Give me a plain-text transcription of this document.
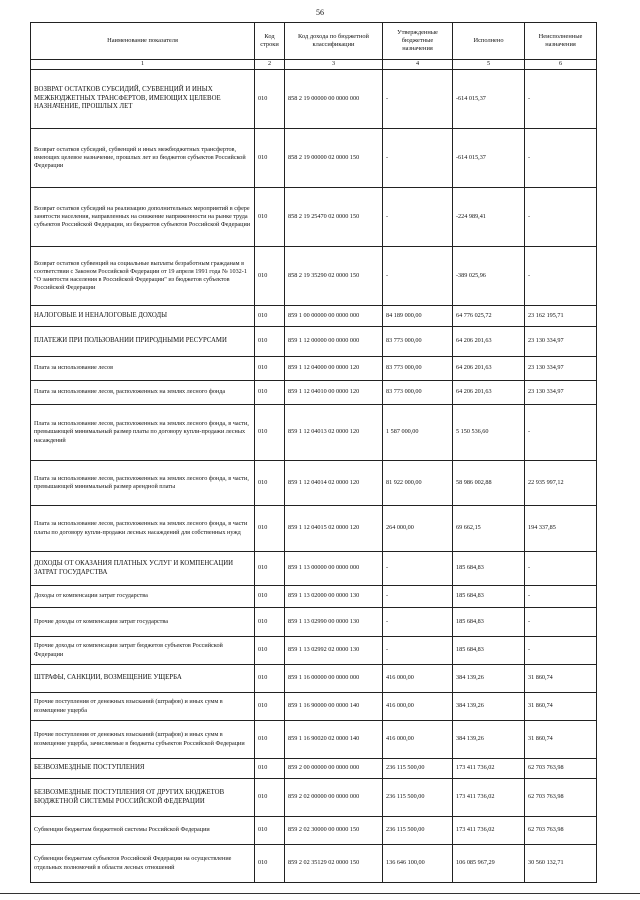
56
Наименование показателя	Код строки	Код дохода по бюджетной классификации	Утвержденные бюджетные назначения	Исполнено	Неисполненные назначения
1	2	3	4	5	6
ВОЗВРАТ ОСТАТКОВ СУБСИДИЙ, СУБВЕНЦИЙ И ИНЫХ МЕЖБЮДЖЕТНЫХ ТРАНСФЕРТОВ, ИМЕЮЩИХ ЦЕЛЕВОЕ НАЗНАЧЕНИЕ, ПРОШЛЫХ ЛЕТ	010	858 2 19 00000 00 0000 000	-	-614 015,37	-
Возврат остатков субсидий, субвенций и иных межбюджетных трансфертов, имеющих целевое назначение, прошлых лет из бюджетов субъектов Российской Федерации	010	858 2 19 00000 02 0000 150	-	-614 015,37	-
Возврат остатков субсидий на реализацию дополнительных мероприятий в сфере занятости населения, направленных на снижение напряженности на рынке труда субъектов Российской Федерации, из бюджетов субъектов Российской Федерации	010	858 2 19 25470 02 0000 150	-	-224 989,41	-
Возврат остатков субвенций на социальные выплаты безработным гражданам в соответствии с Законом Российской Федерации от 19 апреля 1991 года № 1032-1 "О занятости населения в Российской Федерации" из бюджетов субъектов Российской Федерации	010	858 2 19 35290 02 0000 150	-	-389 025,96	-
НАЛОГОВЫЕ И НЕНАЛОГОВЫЕ ДОХОДЫ	010	859 1 00 00000 00 0000 000	84 189 000,00	64 776 025,72	23 162 195,71
ПЛАТЕЖИ ПРИ ПОЛЬЗОВАНИИ ПРИРОДНЫМИ РЕСУРСАМИ	010	859 1 12 00000 00 0000 000	83 773 000,00	64 206 201,63	23 130 334,97
Плата за использование лесов	010	859 1 12 04000 00 0000 120	83 773 000,00	64 206 201,63	23 130 334,97
Плата за использование лесов, расположенных на землях лесного фонда	010	859 1 12 04010 00 0000 120	83 773 000,00	64 206 201,63	23 130 334,97
Плата за использование лесов, расположенных на землях лесного фонда, в части, превышающей минимальный размер платы по договору купли-продажи лесных насаждений	010	859 1 12 04013 02 0000 120	1 587 000,00	5 150 536,60	-
Плата за использование лесов, расположенных на землях лесного фонда, в части, превышающей минимальный размер арендной платы	010	859 1 12 04014 02 0000 120	81 922 000,00	58 986 002,88	22 935 997,12
Плата за использование лесов, расположенных на землях лесного фонда, в части платы по договору купли-продажи лесных насаждений для собственных нужд	010	859 1 12 04015 02 0000 120	264 000,00	69 662,15	194 337,85
ДОХОДЫ ОТ ОКАЗАНИЯ ПЛАТНЫХ УСЛУГ И КОМПЕНСАЦИИ ЗАТРАТ ГОСУДАРСТВА	010	859 1 13 00000 00 0000 000	-	185 684,83	-
Доходы от компенсации затрат государства	010	859 1 13 02000 00 0000 130	-	185 684,83	-
Прочие доходы от компенсации затрат государства	010	859 1 13 02990 00 0000 130	-	185 684,83	-
Прочие доходы от компенсации затрат бюджетов субъектов Российской Федерации	010	859 1 13 02992 02 0000 130	-	185 684,83	-
ШТРАФЫ, САНКЦИИ, ВОЗМЕЩЕНИЕ УЩЕРБА	010	859 1 16 00000 00 0000 000	416 000,00	384 139,26	31 860,74
Прочие поступления от денежных взысканий (штрафов) и иных сумм в возмещение ущерба	010	859 1 16 90000 00 0000 140	416 000,00	384 139,26	31 860,74
Прочие поступления от денежных взысканий (штрафов) и иных сумм в возмещение ущерба, зачисляемые в бюджеты субъектов Российской Федерации	010	859 1 16 90020 02 0000 140	416 000,00	384 139,26	31 860,74
БЕЗВОЗМЕЗДНЫЕ ПОСТУПЛЕНИЯ	010	859 2 00 00000 00 0000 000	236 115 500,00	173 411 736,02	62 703 763,98
БЕЗВОЗМЕЗДНЫЕ ПОСТУПЛЕНИЯ ОТ ДРУГИХ БЮДЖЕТОВ БЮДЖЕТНОЙ СИСТЕМЫ РОССИЙСКОЙ ФЕДЕРАЦИИ	010	859 2 02 00000 00 0000 000	236 115 500,00	173 411 736,02	62 703 763,98
Субвенции бюджетам бюджетной системы Российской Федерации	010	859 2 02 30000 00 0000 150	236 115 500,00	173 411 736,02	62 703 763,98
Субвенции бюджетам субъектов Российской Федерации на осуществление отдельных полномочий в области лесных отношений	010	859 2 02 35129 02 0000 150	136 646 100,00	106 085 967,29	30 560 132,71
